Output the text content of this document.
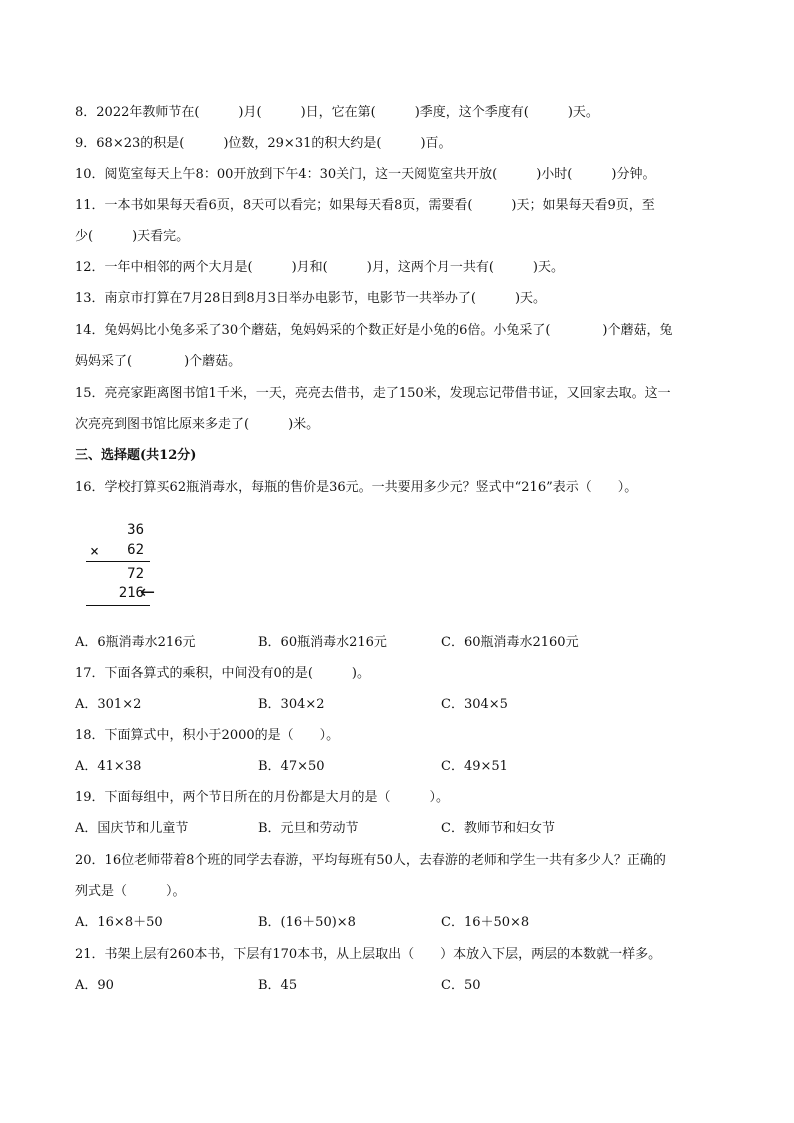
8．2022年教师节在(　　　)月(　　　)日，它在第(　　　)季度，这个季度有(　　　)天。
9．68×23的积是(　　　)位数，29×31的积大约是(　　　)百。
10．阅览室每天上午8：00开放到下午4：30关门，这一天阅览室共开放(　　　)小时(　　　)分钟。
11．一本书如果每天看6页，8天可以看完；如果每天看8页，需要看(　　　)天；如果每天看9页，至
少(　　　)天看完。
12．一年中相邻的两个大月是(　　　)月和(　　　)月，这两个月一共有(　　　)天。
13．南京市打算在7月28日到8月3日举办电影节，电影节一共举办了(　　　)天。
14．兔妈妈比小兔多采了30个蘑菇，兔妈妈采的个数正好是小兔的6倍。小兔采了(　　　　)个蘑菇，兔
妈妈采了(　　　　)个蘑菇。
15．亮亮家距离图书馆1千米，一天，亮亮去借书，走了150米，发现忘记带借书证，又回家去取。这一
次亮亮到图书馆比原来多走了(　　　)米。
三、选择题(共12分)
16．学校打算买62瓶消毒水，每瓶的售价是36元。一共要用多少元？竖式中“216”表示（　　）。
36
× 62
72
216
←
A．6瓶消毒水216元	B．60瓶消毒水216元	C．60瓶消毒水2160元
17．下面各算式的乘积，中间没有0的是(　　　)。
A．301×2	B．304×2	C．304×5
18．下面算式中，积小于2000的是（　　）。
A．41×38	B．47×50	C．49×51
19．下面每组中，两个节日所在的月份都是大月的是（　　　）。
A．国庆节和儿童节	B．元旦和劳动节	C．教师节和妇女节
20．16位老师带着8个班的同学去春游，平均每班有50人，去春游的老师和学生一共有多少人？正确的
列式是（　　　）。
A．16×8＋50	B．(16＋50)×8	C．16＋50×8
21．书架上层有260本书，下层有170本书，从上层取出（　　）本放入下层，两层的本数就一样多。
A．90	B．45	C．50
